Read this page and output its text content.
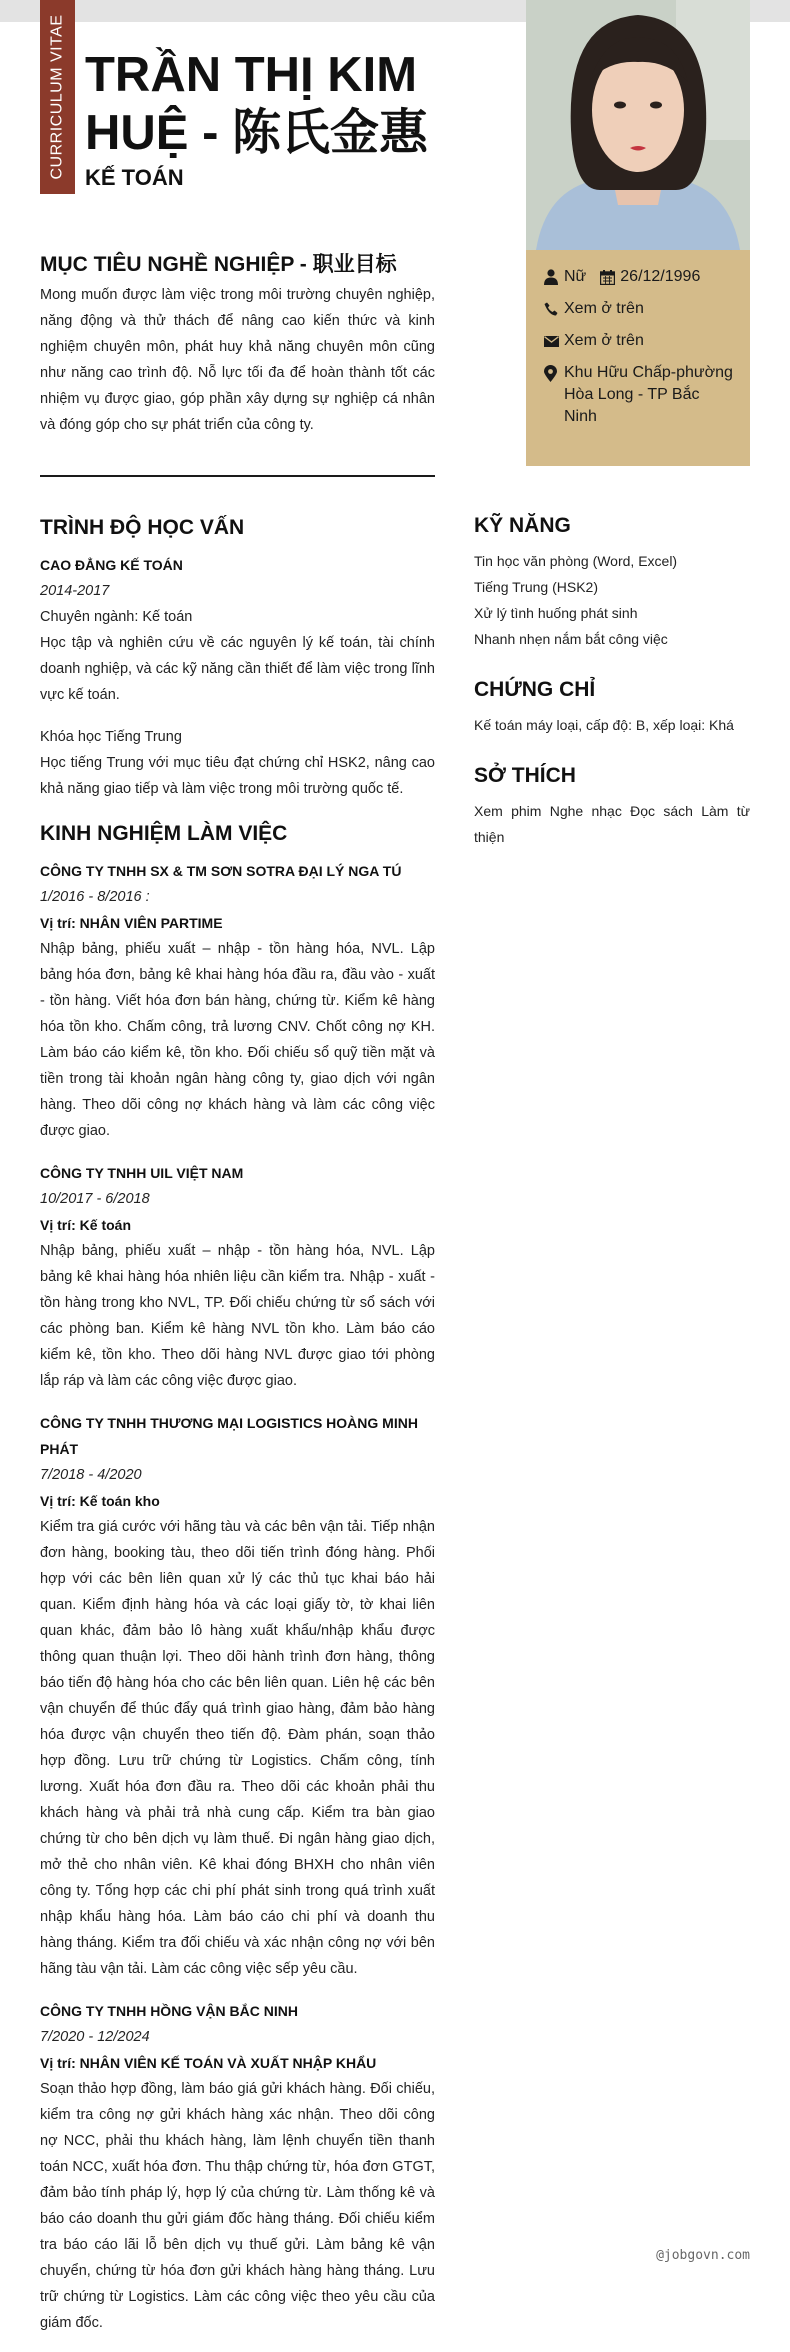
CURRICULUM VITAE TRẦN THỊ KIM HUỆ - 陈氏金惠
KẾ TOÁN
Nữ 26/12/1996
Xem ở trên
Xem ở trên
Khu Hữu Chấp-phường Hòa Long - TP Bắc Ninh
MỤC TIÊU NGHỀ NGHIỆP - 职业目标
Mong muốn được làm việc trong môi trường chuyên nghiệp, năng động và thử thách để nâng cao kiến thức và kinh nghiệm chuyên môn, phát huy khả năng chuyên môn cũng như năng cao trình độ. Nỗ lực tối đa để hoàn thành tốt các nhiệm vụ được giao, góp phần xây dựng sự nghiệp cá nhân và đóng góp cho sự phát triển của công ty.
TRÌNH ĐỘ HỌC VẤN
CAO ĐẲNG KẾ TOÁN
2014-2017
Chuyên ngành: Kế toán
Học tập và nghiên cứu về các nguyên lý kế toán, tài chính doanh nghiệp, và các kỹ năng cần thiết để làm việc trong lĩnh vực kế toán.
Khóa học Tiếng Trung
Học tiếng Trung với mục tiêu đạt chứng chỉ HSK2, nâng cao khả năng giao tiếp và làm việc trong môi trường quốc tế.
KINH NGHIỆM LÀM VIỆC
CÔNG TY TNHH SX & TM SƠN SOTRA ĐẠI LÝ NGA TÚ
1/2016 - 8/2016 :
Vị trí: NHÂN VIÊN PARTIME
Nhập bảng, phiếu xuất – nhập - tồn hàng hóa, NVL. Lập bảng hóa đơn, bảng kê khai hàng hóa đầu ra, đầu vào - xuất - tồn hàng. Viết hóa đơn bán hàng, chứng từ. Kiểm kê hàng hóa tồn kho. Chấm công, trả lương CNV. Chốt công nợ KH. Làm báo cáo kiểm kê, tồn kho. Đối chiếu sổ quỹ tiền mặt và tiền trong tài khoản ngân hàng công ty, giao dịch với ngân hàng. Theo dõi công nợ khách hàng và làm các công việc được giao.
CÔNG TY TNHH UIL VIỆT NAM
10/2017 - 6/2018
Vị trí: Kế toán
Nhập bảng, phiếu xuất – nhập - tồn hàng hóa, NVL. Lập bảng kê khai hàng hóa nhiên liệu cần kiểm tra. Nhập - xuất - tồn hàng trong kho NVL, TP. Đối chiếu chứng từ sổ sách với các phòng ban. Kiểm kê hàng NVL tồn kho. Làm báo cáo kiểm kê, tồn kho. Theo dõi hàng NVL được giao tới phòng lắp ráp và làm các công việc được giao.
CÔNG TY TNHH THƯƠNG MẠI LOGISTICS HOÀNG MINH PHÁT
7/2018 - 4/2020
Vị trí: Kế toán kho
Kiểm tra giá cước với hãng tàu và các bên vận tải. Tiếp nhận đơn hàng, booking tàu, theo dõi tiến trình đóng hàng. Phối hợp với các bên liên quan xử lý các thủ tục khai báo hải quan. Kiểm định hàng hóa và các loại giấy tờ, tờ khai liên quan khác, đảm bảo lô hàng xuất khẩu/nhập khẩu được thông quan thuận lợi. Theo dõi hành trình đơn hàng, thông báo tiến độ hàng hóa cho các bên liên quan. Liên hệ các bên vận chuyển để thúc đẩy quá trình giao hàng, đảm bảo hàng hóa được vận chuyển theo tiến độ. Đàm phán, soạn thảo hợp đồng. Lưu trữ chứng từ Logistics. Chấm công, tính lương. Xuất hóa đơn đầu ra. Theo dõi các khoản phải thu khách hàng và phải trả nhà cung cấp. Kiểm tra bàn giao chứng từ cho bên dịch vụ làm thuế. Đi ngân hàng giao dịch, mở thẻ cho nhân viên. Kê khai đóng BHXH cho nhân viên công ty. Tổng hợp các chi phí phát sinh trong quá trình xuất nhập khẩu hàng hóa. Làm báo cáo chi phí và doanh thu hàng tháng. Kiểm tra đối chiếu và xác nhận công nợ với bên hãng tàu vận tải. Làm các công việc sếp yêu cầu.
CÔNG TY TNHH HỒNG VẬN BẮC NINH
7/2020 - 12/2024
Vị trí: NHÂN VIÊN KẾ TOÁN VÀ XUẤT NHẬP KHẨU
Soạn thảo hợp đồng, làm báo giá gửi khách hàng. Đối chiếu, kiểm tra công nợ gửi khách hàng xác nhận. Theo dõi công nợ NCC, phải thu khách hàng, làm lệnh chuyển tiền thanh toán NCC, xuất hóa đơn. Thu thập chứng từ, hóa đơn GTGT, đảm bảo tính pháp lý, hợp lý của chứng từ. Làm thống kê và báo cáo doanh thu gửi giám đốc hàng tháng. Đối chiếu kiểm tra báo cáo lãi lỗ bên dịch vụ thuế gửi. Làm bảng kê vận chuyển, chứng từ hóa đơn gửi khách hàng hàng tháng. Lưu trữ chứng từ Logistics. Làm các công việc theo yêu cầu của giám đốc.
KỸ NĂNG
Tin học văn phòng (Word, Excel)
Tiếng Trung (HSK2)
Xử lý tình huống phát sinh
Nhanh nhẹn nắm bắt công việc
CHỨNG CHỈ
Kế toán máy loại, cấp độ: B, xếp loại: Khá
SỞ THÍCH
Xem phim Nghe nhạc Đọc sách Làm từ thiện
@jobgovn.com
